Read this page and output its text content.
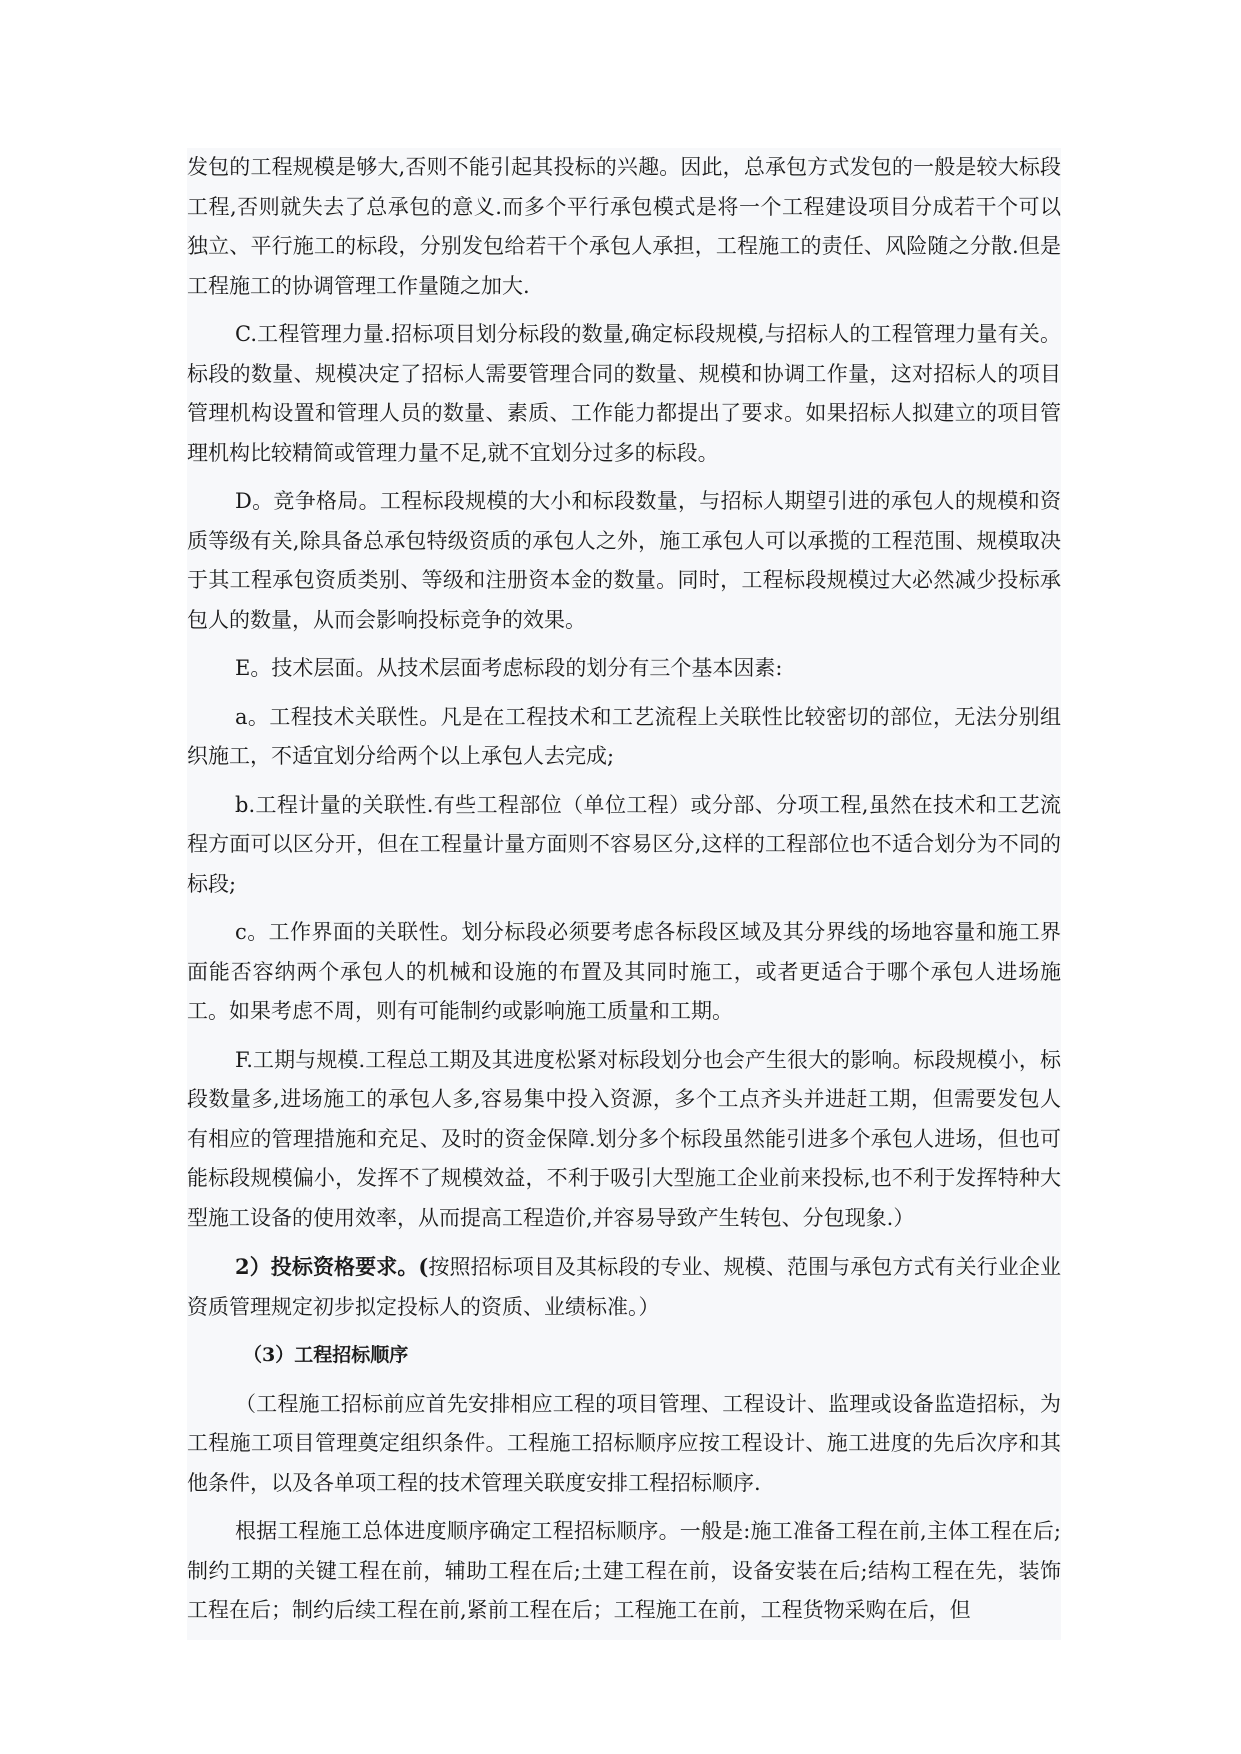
发包的工程规模是够大,否则不能引起其投标的兴趣。因此，总承包方式发包的一般是较大标段工程,否则就失去了总承包的意义.而多个平行承包模式是将一个工程建设项目分成若干个可以独立、平行施工的标段，分别发包给若干个承包人承担，工程施工的责任、风险随之分散.但是工程施工的协调管理工作量随之加大.

C.工程管理力量.招标项目划分标段的数量,确定标段规模,与招标人的工程管理力量有关。标段的数量、规模决定了招标人需要管理合同的数量、规模和协调工作量，这对招标人的项目管理机构设置和管理人员的数量、素质、工作能力都提出了要求。如果招标人拟建立的项目管理机构比较精简或管理力量不足,就不宜划分过多的标段。

D。竞争格局。工程标段规模的大小和标段数量，与招标人期望引进的承包人的规模和资质等级有关,除具备总承包特级资质的承包人之外，施工承包人可以承揽的工程范围、规模取决于其工程承包资质类别、等级和注册资本金的数量。同时，工程标段规模过大必然减少投标承包人的数量，从而会影响投标竞争的效果。

E。技术层面。从技术层面考虑标段的划分有三个基本因素:

a。工程技术关联性。凡是在工程技术和工艺流程上关联性比较密切的部位，无法分别组织施工，不适宜划分给两个以上承包人去完成;

b.工程计量的关联性.有些工程部位（单位工程）或分部、分项工程,虽然在技术和工艺流程方面可以区分开，但在工程量计量方面则不容易区分,这样的工程部位也不适合划分为不同的标段;

c。工作界面的关联性。划分标段必须要考虑各标段区域及其分界线的场地容量和施工界面能否容纳两个承包人的机械和设施的布置及其同时施工，或者更适合于哪个承包人进场施工。如果考虑不周，则有可能制约或影响施工质量和工期。

F.工期与规模.工程总工期及其进度松紧对标段划分也会产生很大的影响。标段规模小，标段数量多,进场施工的承包人多,容易集中投入资源，多个工点齐头并进赶工期，但需要发包人有相应的管理措施和充足、及时的资金保障.划分多个标段虽然能引进多个承包人进场，但也可能标段规模偏小，发挥不了规模效益，不利于吸引大型施工企业前来投标,也不利于发挥特种大型施工设备的使用效率，从而提高工程造价,并容易导致产生转包、分包现象.）

2）投标资格要求。(按照招标项目及其标段的专业、规模、范围与承包方式有关行业企业资质管理规定初步拟定投标人的资质、业绩标准。）

（3）工程招标顺序

（工程施工招标前应首先安排相应工程的项目管理、工程设计、监理或设备监造招标，为工程施工项目管理奠定组织条件。工程施工招标顺序应按工程设计、施工进度的先后次序和其他条件，以及各单项工程的技术管理关联度安排工程招标顺序.

根据工程施工总体进度顺序确定工程招标顺序。一般是:施工准备工程在前,主体工程在后;制约工期的关键工程在前，辅助工程在后;土建工程在前，设备安装在后;结构工程在先，装饰工程在后；制约后续工程在前,紧前工程在后；工程施工在前，工程货物采购在后，但
